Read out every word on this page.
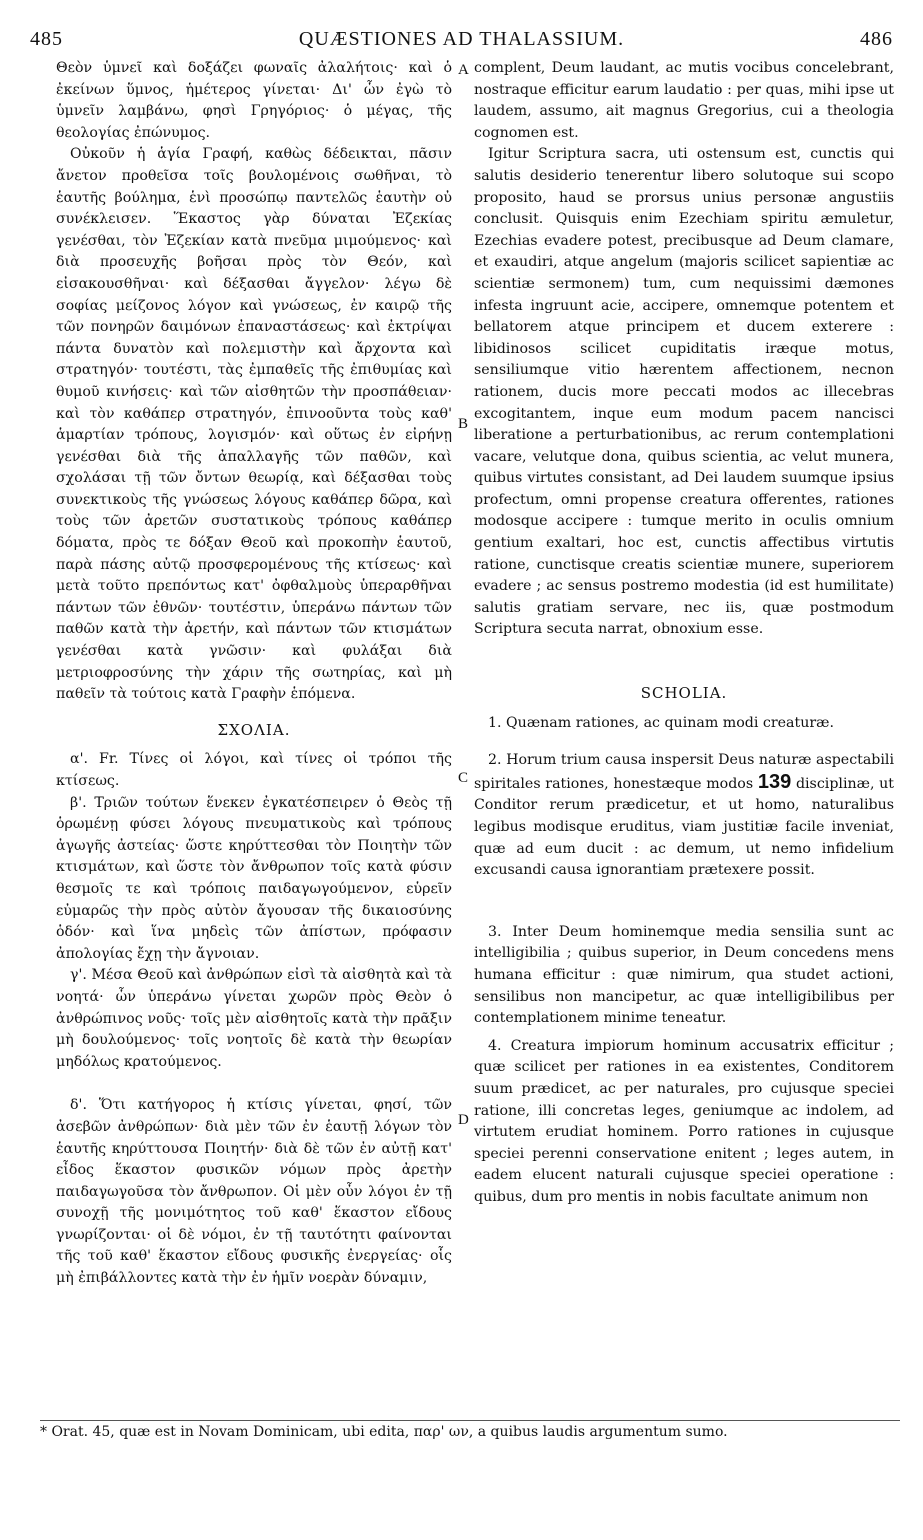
485	QUÆSTIONES AD THALASSIUM.	486
A
B
C
D

Θεὸν ὑμνεῖ καὶ δοξάζει φωναῖς ἀλαλήτοις· καὶ ὁ ἐκείνων ὕμνος, ἡμέτερος γίνεται· Δι' ὧν ἐγὼ τὸ ὑμνεῖν λαμβάνω, φησὶ Γρηγόριος· ὁ μέγας, τῆς θεολογίας ἐπώνυμος.

Οὐκοῦν ἡ ἁγία Γραφή, καθὼς δέδεικται, πᾶσιν ἄνετον προθεῖσα τοῖς βουλομένοις σωθῆναι, τὸ ἑαυτῆς βούλημα, ἑνὶ προσώπῳ παντελῶς ἑαυτὴν οὐ συνέκλεισεν. Ἕκαστος γὰρ δύναται Ἐζεκίας γενέσθαι, τὸν Ἐζεκίαν κατὰ πνεῦμα μιμούμενος· καὶ διὰ προσευχῆς βοῆσαι πρὸς τὸν Θεόν, καὶ εἰσακουσθῆναι· καὶ δέξασθαι ἄγγελον· λέγω δὲ σοφίας μείζονος λόγον καὶ γνώσεως, ἐν καιρῷ τῆς τῶν πονηρῶν δαιμόνων ἐπαναστάσεως· καὶ ἐκτρίψαι πάντα δυνατὸν καὶ πολεμιστὴν καὶ ἄρχοντα καὶ στρατηγόν· τουτέστι, τὰς ἐμπαθεῖς τῆς ἐπιθυμίας καὶ θυμοῦ κινήσεις· καὶ τῶν αἰσθητῶν τὴν προσπάθειαν· καὶ τὸν καθάπερ στρατηγόν, ἐπινοοῦντα τοὺς καθ' ἁμαρτίαν τρόπους, λογισμόν· καὶ οὕτως ἐν εἰρήνῃ γενέσθαι διὰ τῆς ἀπαλλαγῆς τῶν παθῶν, καὶ σχολάσαι τῇ τῶν ὄντων θεωρίᾳ, καὶ δέξασθαι τοὺς συνεκτικοὺς τῆς γνώσεως λόγους καθάπερ δῶρα, καὶ τοὺς τῶν ἀρετῶν συστατικοὺς τρόπους καθάπερ δόματα, πρὸς τε δόξαν Θεοῦ καὶ προκοπὴν ἑαυτοῦ, παρὰ πάσης αὐτῷ προσφερομένους τῆς κτίσεως· καὶ μετὰ τοῦτο πρεπόντως κατ' ὀφθαλμοὺς ὑπεραρθῆναι πάντων τῶν ἐθνῶν· τουτέστιν, ὑπεράνω πάντων τῶν παθῶν κατὰ τὴν ἀρετήν, καὶ πάντων τῶν κτισμάτων γενέσθαι κατὰ γνῶσιν· καὶ φυλάξαι διὰ μετριοφροσύνης τὴν χάριν τῆς σωτηρίας, καὶ μὴ παθεῖν τὰ τούτοις κατὰ Γραφὴν ἑπόμενα.

ΣΧΟΛΙΑ.

α'. Fr. Τίνες οἱ λόγοι, καὶ τίνες οἱ τρόποι τῆς κτίσεως.

β'. Τριῶν τούτων ἕνεκεν ἐγκατέσπειρεν ὁ Θεὸς τῇ ὁρωμένῃ φύσει λόγους πνευματικοὺς καὶ τρόπους ἀγωγῆς ἀστείας· ὥστε κηρύττεσθαι τὸν Ποιητὴν τῶν κτισμάτων, καὶ ὥστε τὸν ἄνθρωπον τοῖς κατὰ φύσιν θεσμοῖς τε καὶ τρόποις παιδαγωγούμενον, εὑρεῖν εὐμαρῶς τὴν πρὸς αὐτὸν ἄγουσαν τῆς δικαιοσύνης ὁδόν· καὶ ἵνα μηδεὶς τῶν ἀπίστων, πρόφασιν ἀπολογίας ἔχῃ τὴν ἄγνοιαν.

γ'. Μέσα Θεοῦ καὶ ἀνθρώπων εἰσὶ τὰ αἰσθητὰ καὶ τὰ νοητά· ὧν ὑπεράνω γίνεται χωρῶν πρὸς Θεὸν ὁ ἀνθρώπινος νοῦς· τοῖς μὲν αἰσθητοῖς κατὰ τὴν πρᾶξιν μὴ δουλούμενος· τοῖς νοητοῖς δὲ κατὰ τὴν θεωρίαν μηδόλως κρατούμενος.

δ'. Ὅτι κατήγορος ἡ κτίσις γίνεται, φησί, τῶν ἀσεβῶν ἀνθρώπων· διὰ μὲν τῶν ἐν ἑαυτῇ λόγων τὸν ἑαυτῆς κηρύττουσα Ποιητήν· διὰ δὲ τῶν ἐν αὐτῇ κατ' εἶδος ἕκαστον φυσικῶν νόμων πρὸς ἀρετὴν παιδαγωγοῦσα τὸν ἄνθρωπον. Οἱ μὲν οὖν λόγοι ἐν τῇ συνοχῇ τῆς μονιμότητος τοῦ καθ' ἕκαστον εἴδους γνωρίζονται· οἱ δὲ νόμοι, ἐν τῇ ταυτότητι φαίνονται τῆς τοῦ καθ' ἕκαστον εἴδους φυσικῆς ἐνεργείας· οἷς μὴ ἐπιβάλλοντες κατὰ τὴν ἐν ἡμῖν νοερὰν δύναμιν,

complent, Deum laudant, ac mutis vocibus concelebrant, nostraque efficitur earum laudatio : per quas, mihi ipse ut laudem, assumo, ait magnus Gregorius, cui a theologia cognomen est.

Igitur Scriptura sacra, uti ostensum est, cunctis qui salutis desiderio tenerentur libero solutoque sui scopo proposito, haud se prorsus unius personæ angustiis conclusit. Quisquis enim Ezechiam spiritu æmuletur, Ezechias evadere potest, precibusque ad Deum clamare, et exaudiri, atque angelum (majoris scilicet sapientiæ ac scientiæ sermonem) tum, cum nequissimi dæmones infesta ingruunt acie, accipere, omnemque potentem et bellatorem atque principem et ducem exterere : libidinosos scilicet cupiditatis iræque motus, sensiliumque vitio hærentem affectionem, necnon rationem, ducis more peccati modos ac illecebras excogitantem, inque eum modum pacem nancisci liberatione a perturbationibus, ac rerum contemplationi vacare, velutque dona, quibus scientia, ac velut munera, quibus virtutes consistant, ad Dei laudem suumque ipsius profectum, omni propense creatura offerentes, rationes modosque accipere : tumque merito in oculis omnium gentium exaltari, hoc est, cunctis affectibus virtutis ratione, cunctisque creatis scientiæ munere, superiorem evadere ; ac sensus postremo modestia (id est humilitate) salutis gratiam servare, nec iis, quæ postmodum Scriptura secuta narrat, obnoxium esse.

SCHOLIA.

1. Quænam rationes, ac quinam modi creaturæ.

2. Horum trium causa inspersit Deus naturæ aspectabili spiritales rationes, honestæque modos 139 disciplinæ, ut Conditor rerum prædicetur, et ut homo, naturalibus legibus modisque eruditus, viam justitiæ facile inveniat, quæ ad eum ducit : ac demum, ut nemo infidelium excusandi causa ignorantiam prætexere possit.

3. Inter Deum hominemque media sensilia sunt ac intelligibilia ; quibus superior, in Deum concedens mens humana efficitur : quæ nimirum, qua studet actioni, sensilibus non mancipetur, ac quæ intelligibilibus per contemplationem minime teneatur.

4. Creatura impiorum hominum accusatrix efficitur ; quæ scilicet per rationes in ea existentes, Conditorem suum prædicet, ac per naturales, pro cujusque speciei ratione, illi concretas leges, geniumque ac indolem, ad virtutem erudiat hominem. Porro rationes in cujusque speciei perenni conservatione enitent ; leges autem, in eadem elucent naturali cujusque speciei operatione : quibus, dum pro mentis in nobis facultate animum non

* Orat. 45, quæ est in Novam Dominicam, ubi edita, παρ' ων, a quibus laudis argumentum sumo.
